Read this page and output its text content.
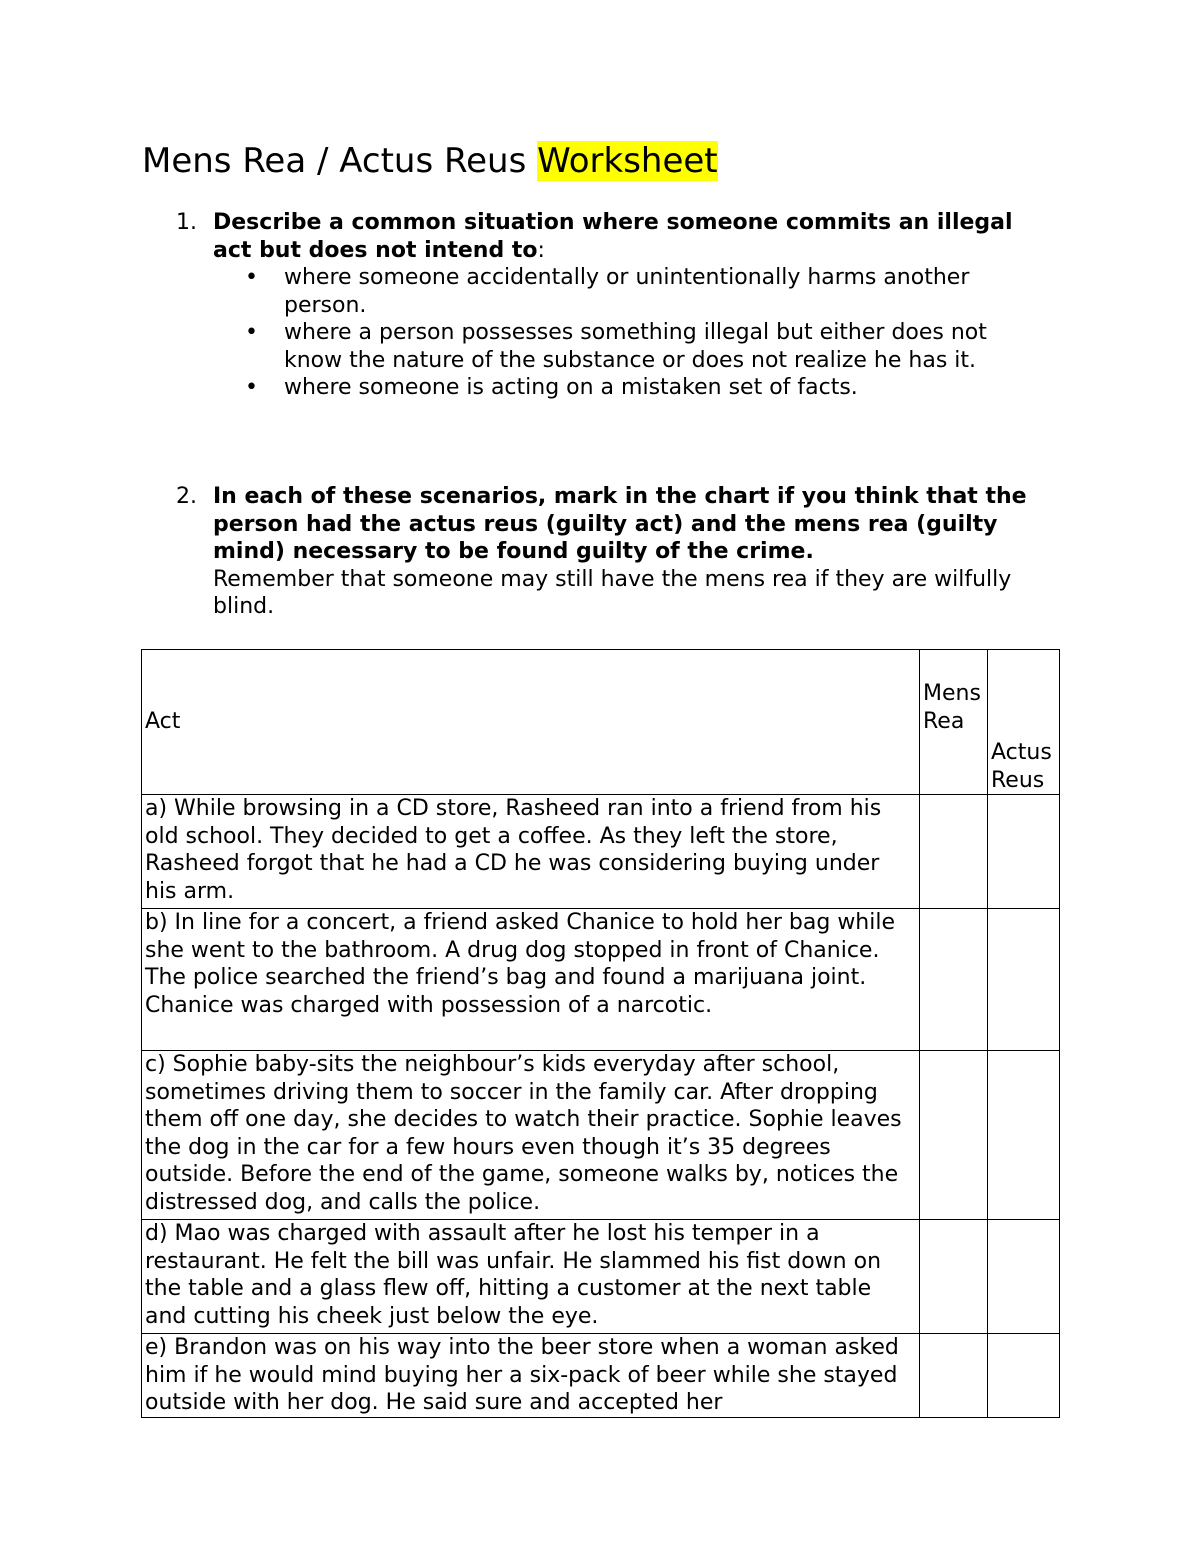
Mens Rea / Actus Reus Worksheet
1. Describe a common situation where someone commits an illegal act but does not intend to:
• where someone accidentally or unintentionally harms another person.
• where a person possesses something illegal but either does not know the nature of the substance or does not realize he has it.
• where someone is acting on a mistaken set of facts.
2. In each of these scenarios, mark in the chart if you think that the person had the actus reus (guilty act) and the mens rea (guilty mind) necessary to be found guilty of the crime.
Remember that someone may still have the mens rea if they are wilfully blind.
Act	Mens Rea	Actus Reus
a) While browsing in a CD store, Rasheed ran into a friend from his old school. They decided to get a coffee. As they left the store, Rasheed forgot that he had a CD he was considering buying under his arm.		
b) In line for a concert, a friend asked Chanice to hold her bag while she went to the bathroom. A drug dog stopped in front of Chanice. The police searched the friend’s bag and found a marijuana joint. Chanice was charged with possession of a narcotic.		
c) Sophie baby-sits the neighbour’s kids everyday after school, sometimes driving them to soccer in the family car. After dropping them off one day, she decides to watch their practice. Sophie leaves the dog in the car for a few hours even though it’s 35 degrees outside. Before the end of the game, someone walks by, notices the distressed dog, and calls the police.		
d) Mao was charged with assault after he lost his temper in a restaurant. He felt the bill was unfair. He slammed his fist down on the table and a glass flew off, hitting a customer at the next table and cutting his cheek just below the eye.		
e) Brandon was on his way into the beer store when a woman asked him if he would mind buying her a six-pack of beer while she stayed outside with her dog. He said sure and accepted her		
